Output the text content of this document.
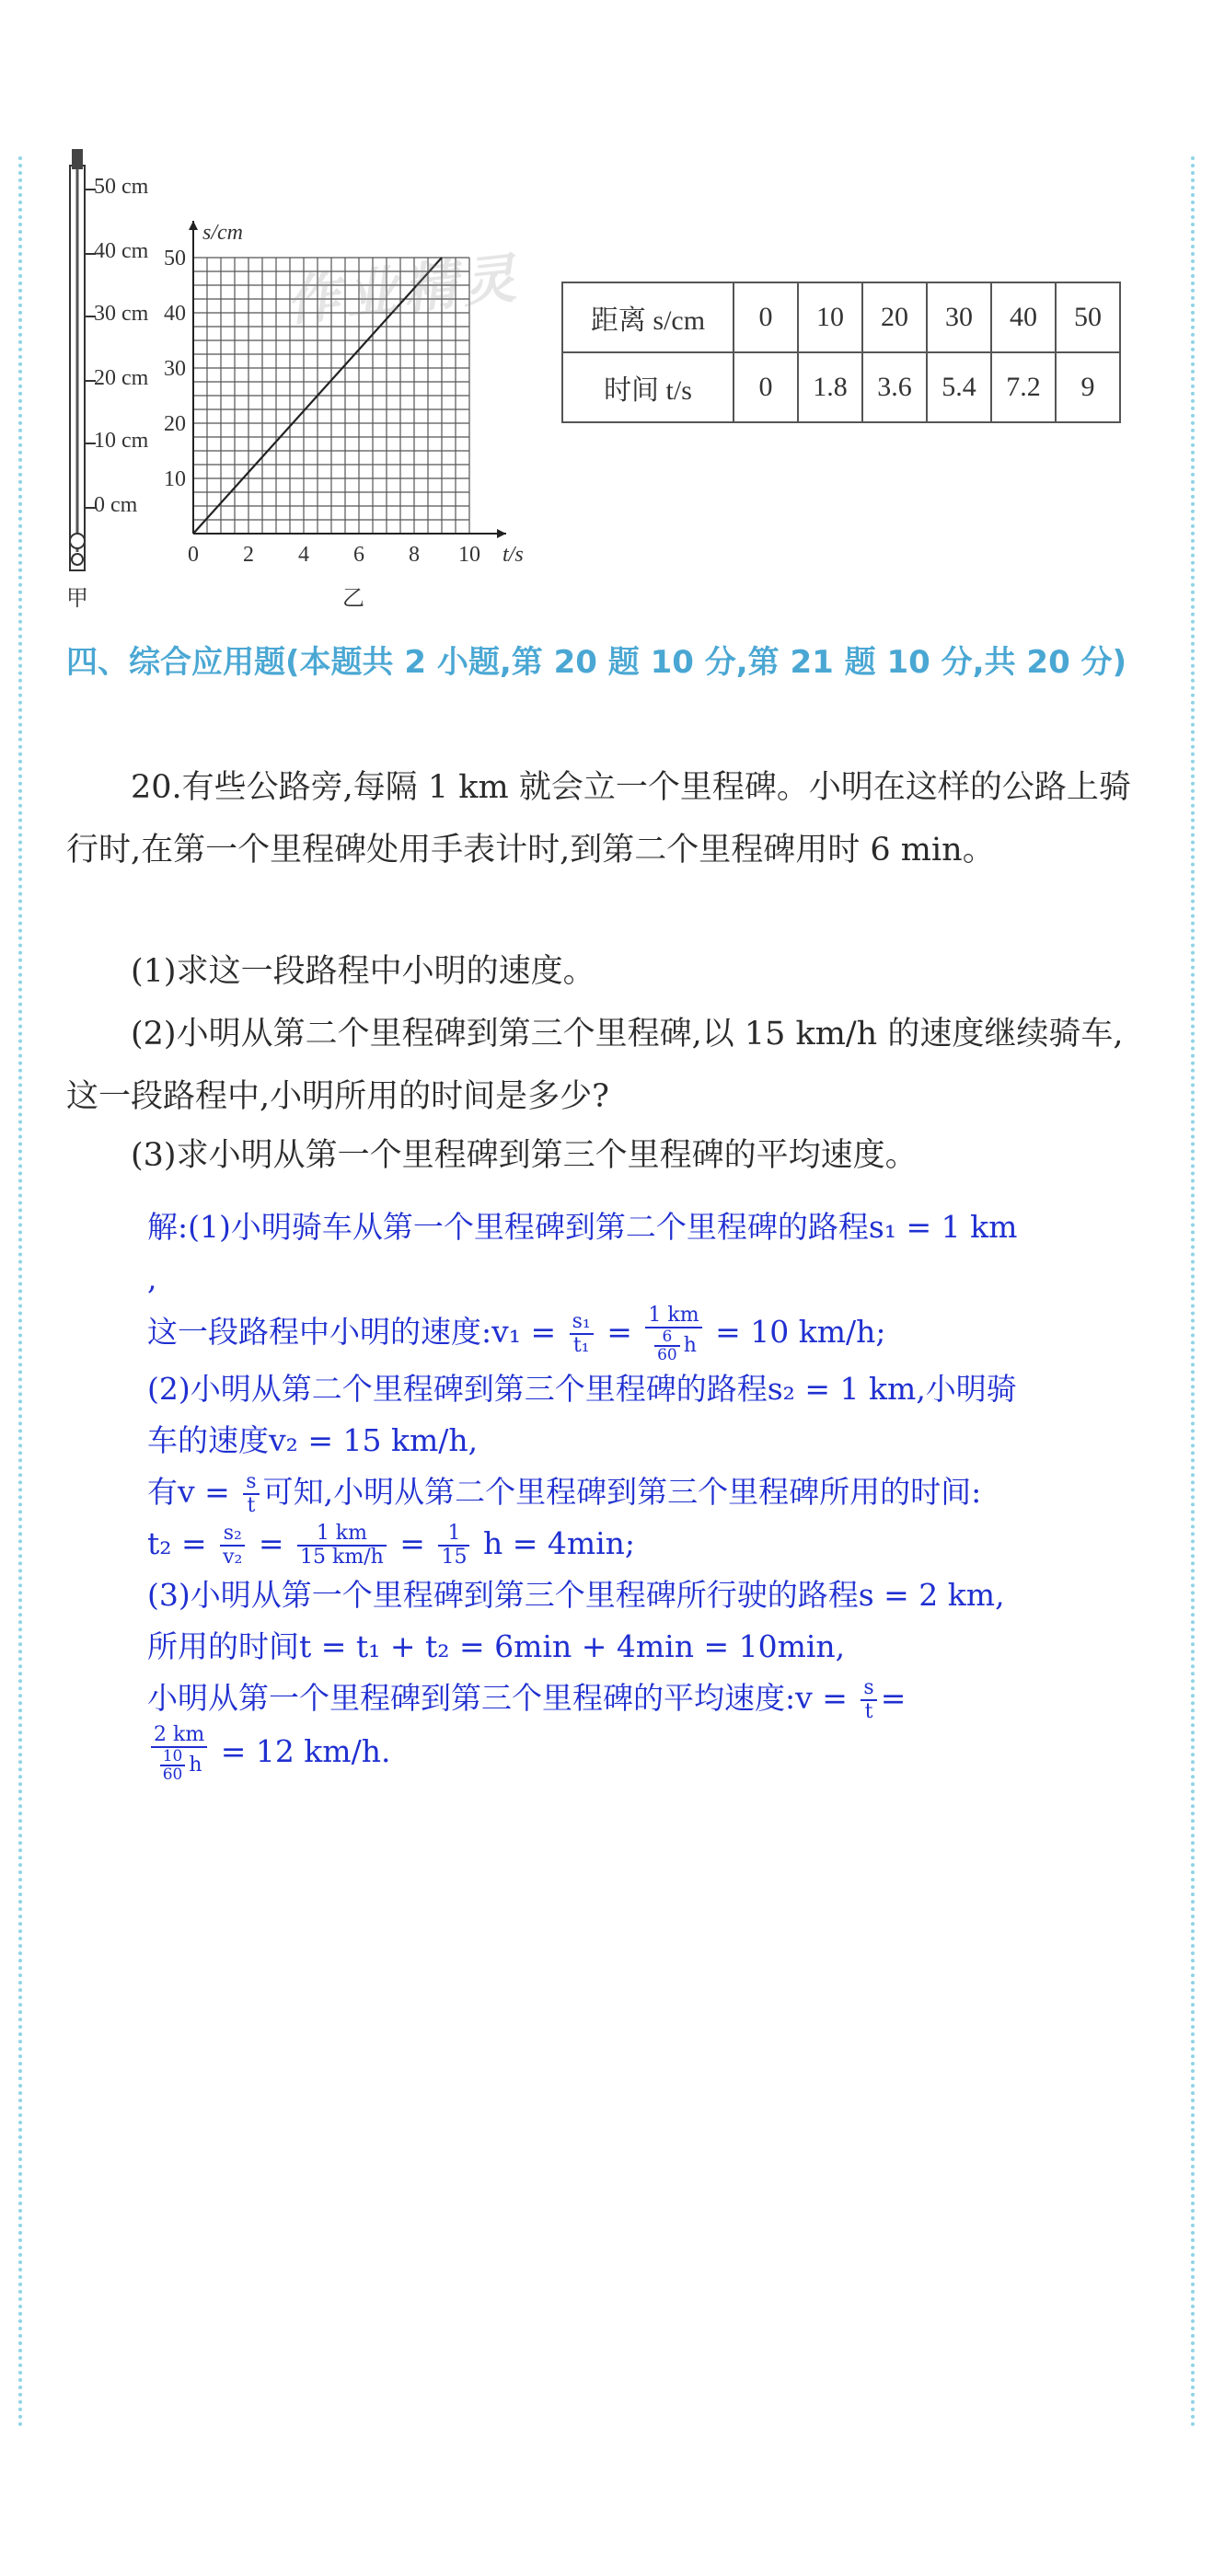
50 cm
40 cm
30 cm
20 cm
10 cm
0 cm
甲	乙
0 2 4 6 8 10
10
20
30
40
50
s/cm
t/s
作业精灵 距离 s/cm	0	10	20	30	40	50
时间 t/s	0	1.8	3.6	5.4	7.2	9
四、综合应用题(本题共 2 小题,第 20 题 10 分,第 21 题 10 分,共 20 分)
20.有些公路旁,每隔 1 km 就会立一个里程碑。小明在这样的公路上骑行时,在第一个里程碑处用手表计时,到第二个里程碑用时 6 min。
(1)求这一段路程中小明的速度。
(2)小明从第二个里程碑到第三个里程碑,以 15 km/h 的速度继续骑车,这一段路程中,小明所用的时间是多少?
(3)求小明从第一个里程碑到第三个里程碑的平均速度。
解:(1)小明骑车从第一个里程碑到第二个里程碑的路程s₁ = 1 km
,
这一段路程中小明的速度:v₁ = $\frac{\text{s₁}}{\text{t₁}} = \frac{1 km}{\frac{6}{60} h} = 10$ km/h;
(2)小明从第二个里程碑到第三个里程碑的路程s₂ = 1 km,小明骑
车的速度v₂ = 15 km/h,
有$v = \frac{s}{t}$ 可知,小明从第二个里程碑到第三个里程碑所用的时间:
$t_2 = \frac{\text{s₂}}{\text{v₂}} = \frac{1 km}{15 km/h} = \frac{1}{15}$ h = 4min;
(3)小明从第一个里程碑到第三个里程碑所行驶的路程s = 2 km,
所用的时间t = t₁ + t₂ = 6min + 4min = 10min,
小明从第一个里程碑到第三个里程碑的平均速度:v = $\frac{s}{t}$ =
$\frac{2 km}{\frac{10}{60} h} = 12$ km/h.
